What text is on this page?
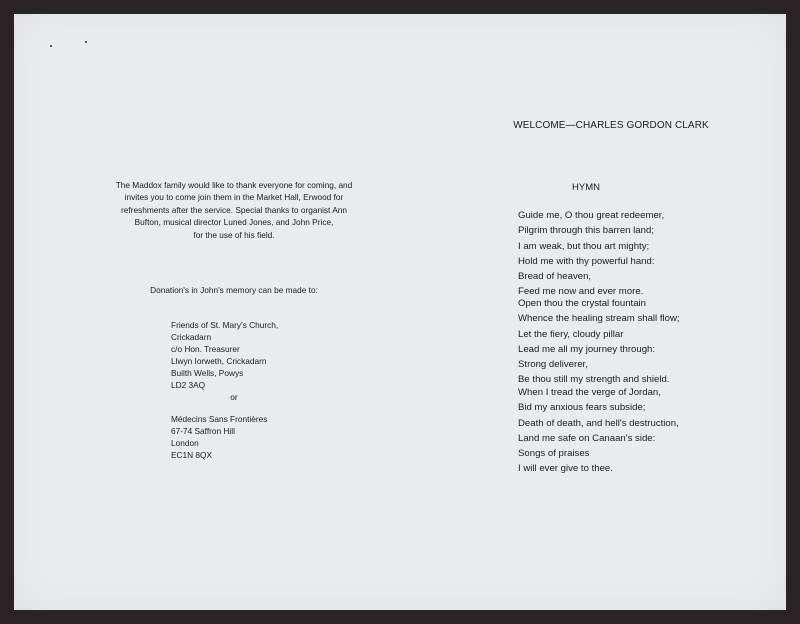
The Maddox family would like to thank everyone for coming, and
invites you to come join them in the Market Hall, Erwood for
refreshments after the service. Special thanks to organist Ann
Bufton, musical director Luned Jones, and John Price,
for the use of his field.
Donation's in John's memory can be made to:
Friends of St. Mary's Church,
Crickadarn
c/o Hon. Treasurer
Llwyn Iorweth, Crickadarn
Builth Wells, Powys
LD2 3AQ
or
Médecins Sans Frontières
67-74 Saffron Hill
London
EC1N 8QX
WELCOME—CHARLES GORDON CLARK
HYMN
Guide me, O thou great redeemer,
Pilgrim through this barren land;
I am weak, but thou art mighty;
Hold me with thy powerful hand:
Bread of heaven,
Feed me now and ever more.
Open thou the crystal fountain
Whence the healing stream shall flow;
Let the fiery, cloudy pillar
Lead me all my journey through:
Strong deliverer,
Be thou still my strength and shield.
When I tread the verge of Jordan,
Bid my anxious fears subside;
Death of death, and hell's destruction,
Land me safe on Canaan's side:
Songs of praises
I will ever give to thee.
